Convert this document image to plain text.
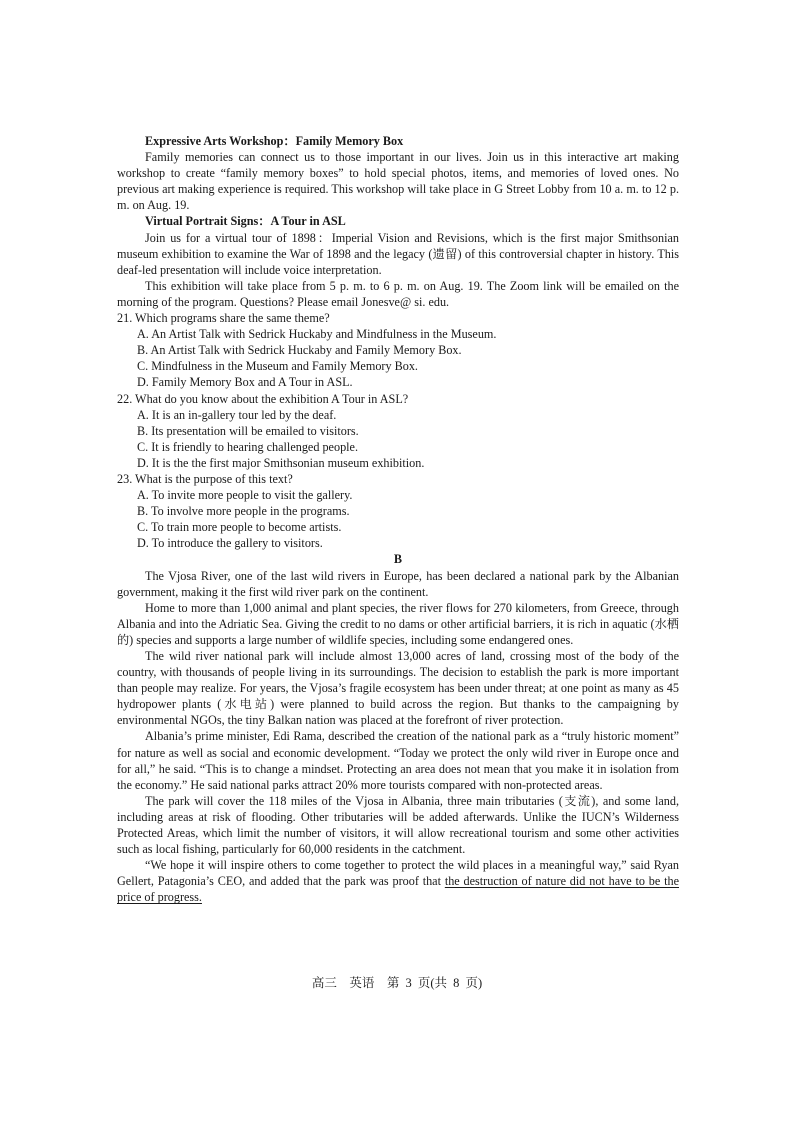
Expressive Arts Workshop：Family Memory Box

Family memories can connect us to those important in our lives. Join us in this interactive art making workshop to create “family memory boxes” to hold special photos, items, and memories of loved ones. No previous art making experience is required. This workshop will take place in G Street Lobby from 10 a. m. to 12 p. m. on Aug. 19.

Virtual Portrait Signs：A Tour in ASL

Join us for a virtual tour of 1898：Imperial Vision and Revisions, which is the first major Smithsonian museum exhibition to examine the War of 1898 and the legacy (遗留) of this controversial chapter in history. This deaf-led presentation will include voice interpretation.

This exhibition will take place from 5 p. m. to 6 p. m. on Aug. 19. The Zoom link will be emailed on the morning of the program. Questions? Please email Jonesve@ si. edu.

21. Which programs share the same theme?
A. An Artist Talk with Sedrick Huckaby and Mindfulness in the Museum.
B. An Artist Talk with Sedrick Huckaby and Family Memory Box.
C. Mindfulness in the Museum and Family Memory Box.
D. Family Memory Box and A Tour in ASL.
22. What do you know about the exhibition A Tour in ASL?
A. It is an in-gallery tour led by the deaf.
B. Its presentation will be emailed to visitors.
C. It is friendly to hearing challenged people.
D. It is the the first major Smithsonian museum exhibition.
23. What is the purpose of this text?
A. To invite more people to visit the gallery.
B. To involve more people in the programs.
C. To train more people to become artists.
D. To introduce the gallery to visitors.
B

The Vjosa River, one of the last wild rivers in Europe, has been declared a national park by the Albanian government, making it the first wild river park on the continent.

Home to more than 1,000 animal and plant species, the river flows for 270 kilometers, from Greece, through Albania and into the Adriatic Sea. Giving the credit to no dams or other artificial barriers, it is rich in aquatic (水栖的) species and supports a large number of wildlife species, including some endangered ones.

The wild river national park will include almost 13,000 acres of land, crossing most of the body of the country, with thousands of people living in its surroundings. The decision to establish the park is more important than people may realize. For years, the Vjosa’s fragile ecosystem has been under threat; at one point as many as 45 hydropower plants (水电站) were planned to build across the region. But thanks to the campaigning by environmental NGOs, the tiny Balkan nation was placed at the forefront of river protection.

Albania’s prime minister, Edi Rama, described the creation of the national park as a “truly historic moment” for nature as well as social and economic development. “Today we protect the only wild river in Europe once and for all,” he said. “This is to change a mindset. Protecting an area does not mean that you make it in isolation from the economy.” He said national parks attract 20% more tourists compared with non-protected areas.

The park will cover the 118 miles of the Vjosa in Albania, three main tributaries (支流), and some land, including areas at risk of flooding. Other tributaries will be added afterwards. Unlike the IUCN’s Wilderness Protected Areas, which limit the number of visitors, it will allow recreational tourism and some other activities such as local fishing, particularly for 60,000 residents in the catchment.

“We hope it will inspire others to come together to protect the wild places in a meaningful way,” said Ryan Gellert, Patagonia’s CEO, and added that the park was proof that the destruction of nature did not have to be the price of progress.

高三　英语　第 3 页(共 8 页)
